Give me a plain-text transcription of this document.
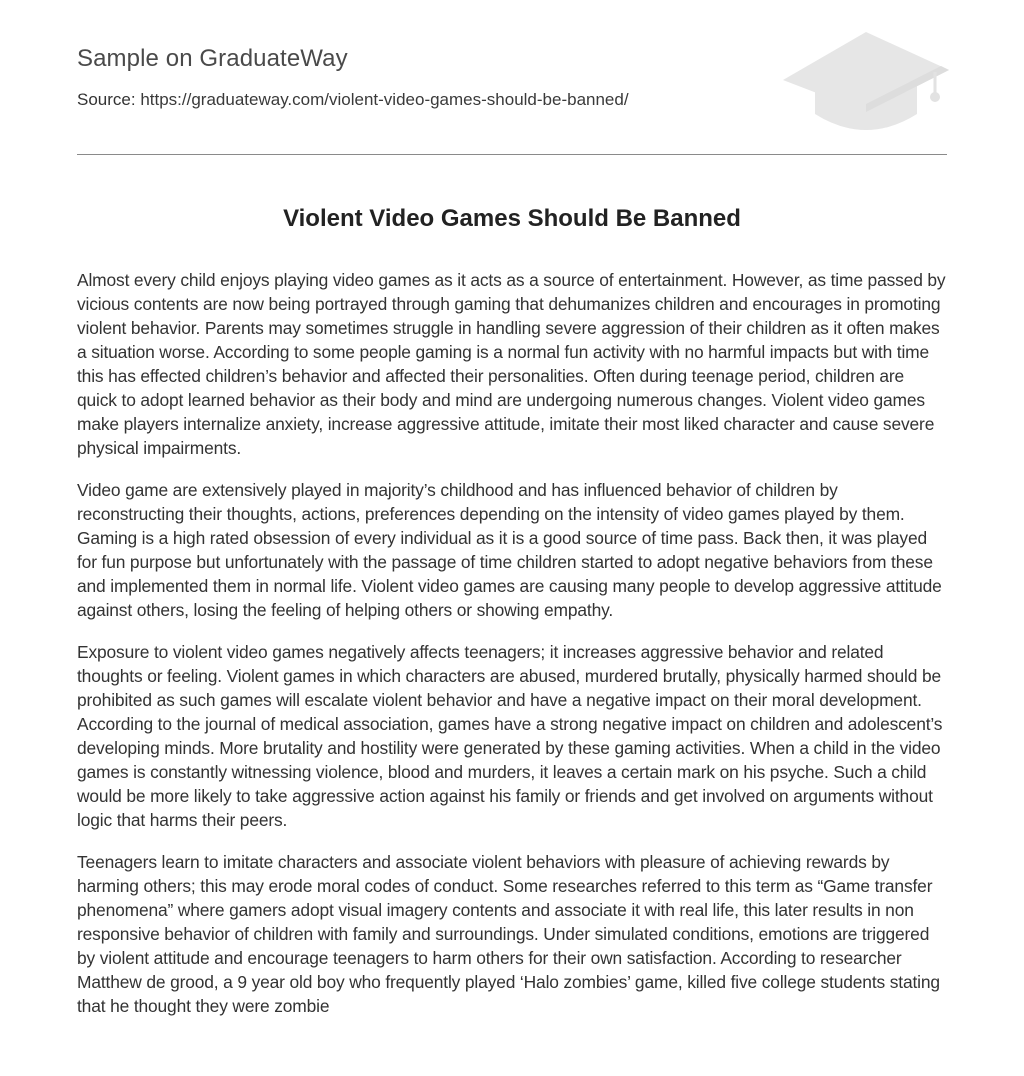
Sample on GraduateWay
Source: https://graduateway.com/violent-video-games-should-be-banned/
Violent Video Games Should Be Banned

Almost every child enjoys playing video games as it acts as a source of entertainment. However, as time passed by vicious contents are now being portrayed through gaming that dehumanizes children and encourages in promoting violent behavior. Parents may sometimes struggle in handling severe aggression of their children as it often makes a situation worse. According to some people gaming is a normal fun activity with no harmful impacts but with time this has effected children’s behavior and affected their personalities. Often during teenage period, children are quick to adopt learned behavior as their body and mind are undergoing numerous changes. Violent video games make players internalize anxiety, increase aggressive attitude, imitate their most liked character and cause severe physical impairments.

Video game are extensively played in majority’s childhood and has influenced behavior of children by reconstructing their thoughts, actions, preferences depending on the intensity of video games played by them. Gaming is a high rated obsession of every individual as it is a good source of time pass. Back then, it was played for fun purpose but unfortunately with the passage of time children started to adopt negative behaviors from these and implemented them in normal life. Violent video games are causing many people to develop aggressive attitude against others, losing the feeling of helping others or showing empathy.

Exposure to violent video games negatively affects teenagers; it increases aggressive behavior and related thoughts or feeling. Violent games in which characters are abused, murdered brutally, physically harmed should be prohibited as such games will escalate violent behavior and have a negative impact on their moral development. According to the journal of medical association, games have a strong negative impact on children and adolescent’s developing minds. More brutality and hostility were generated by these gaming activities. When a child in the video games is constantly witnessing violence, blood and murders, it leaves a certain mark on his psyche. Such a child would be more likely to take aggressive action against his family or friends and get involved on arguments without logic that harms their peers.

Teenagers learn to imitate characters and associate violent behaviors with pleasure of achieving rewards by harming others; this may erode moral codes of conduct. Some researches referred to this term as “Game transfer phenomena” where gamers adopt visual imagery contents and associate it with real life, this later results in non responsive behavior of children with family and surroundings. Under simulated conditions, emotions are triggered by violent attitude and encourage teenagers to harm others for their own satisfaction. According to researcher Matthew de grood, a 9 year old boy who frequently played ‘Halo zombies’ game, killed five college students stating that he thought they were zombie
